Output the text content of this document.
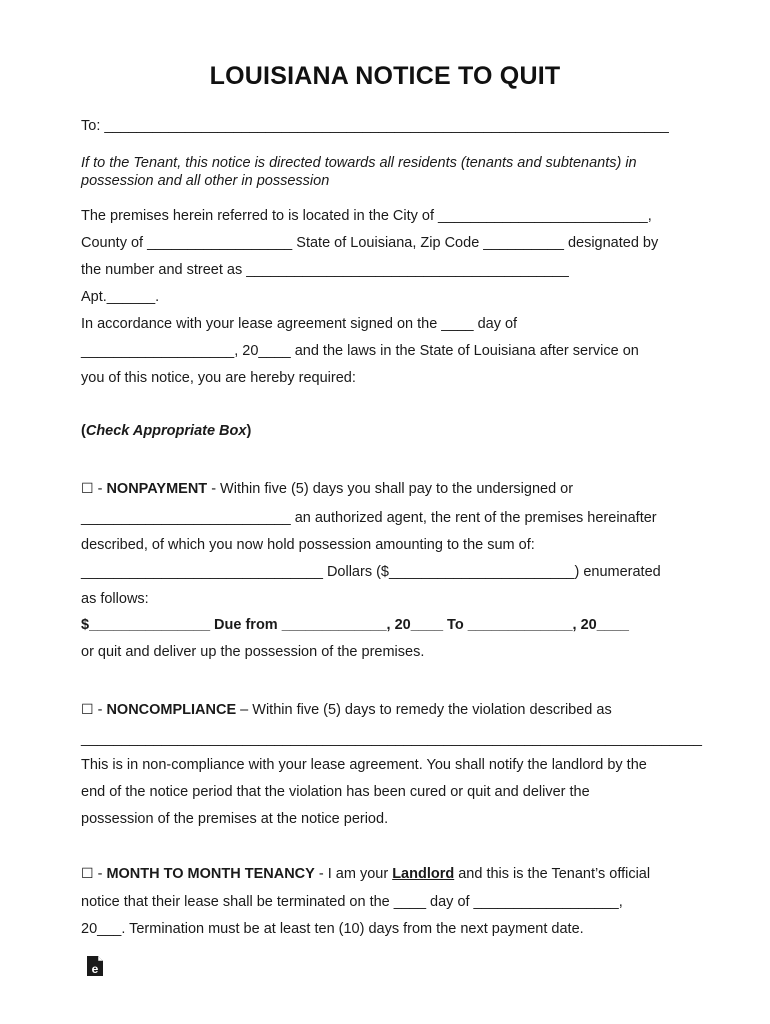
LOUISIANA NOTICE TO QUIT
To: ______________________________________________________________________
If to the Tenant, this notice is directed towards all residents (tenants and subtenants) in
possession and all other in possession
The premises herein referred to is located in the City of __________________________,
County of __________________ State of Louisiana, Zip Code __________ designated by
the number and street as ________________________________________
Apt.______.
In accordance with your lease agreement signed on the ____ day of
___________________, 20____ and the laws in the State of Louisiana after service on
you of this notice, you are hereby required:
(Check Appropriate Box)
☐ - NONPAYMENT - Within five (5) days you shall pay to the undersigned or
__________________________ an authorized agent, the rent of the premises hereinafter
described, of which you now hold possession amounting to the sum of:
______________________________ Dollars ($_______________________) enumerated
as follows:
$_______________ Due from _____________, 20____ To _____________, 20____
or quit and deliver up the possession of the premises.
☐ - NONCOMPLIANCE – Within five (5) days to remedy the violation described as
_____________________________________________________________________________
This is in non-compliance with your lease agreement. You shall notify the landlord by the
end of the notice period that the violation has been cured or quit and deliver the
possession of the premises at the notice period.
☐ - MONTH TO MONTH TENANCY - I am your Landlord and this is the Tenant’s official
notice that their lease shall be terminated on the ____ day of __________________,
20___. Termination must be at least ten (10) days from the next payment date.
e
